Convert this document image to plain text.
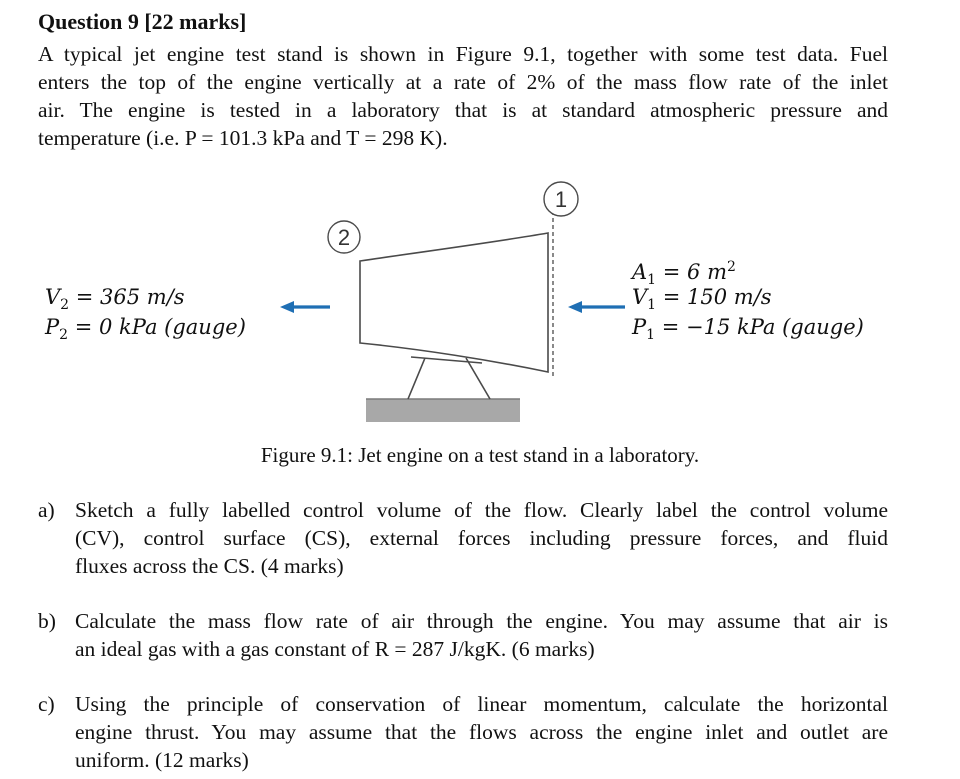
Question 9 [22 marks]
A typical jet engine test stand is shown in Figure 9.1, together with some test data. Fuel
enters the top of the engine vertically at a rate of 2% of the mass flow rate of the inlet
air. The engine is tested in a laboratory that is at standard atmospheric pressure and
temperature (i.e. P = 101.3 kPa and T = 298 K).
1
2
$V_2 = 365$ m/s
$P_2 = 0$ kPa (gauge)
$A_1 = 6$ $m^2$
$V_1 = 150$ m/s
$P_1 = -15$ kPa (gauge)
Figure 9.1: Jet engine on a test stand in a laboratory.
a) Sketch a fully labelled control volume of the flow. Clearly label the control volume
(CV), control surface (CS), external forces including pressure forces, and fluid
fluxes across the CS. (4 marks)
b) Calculate the mass flow rate of air through the engine. You may assume that air is
an ideal gas with a gas constant of R = 287 J/kgK. (6 marks)
c) Using the principle of conservation of linear momentum, calculate the horizontal
engine thrust. You may assume that the flows across the engine inlet and outlet are
uniform. (12 marks)
